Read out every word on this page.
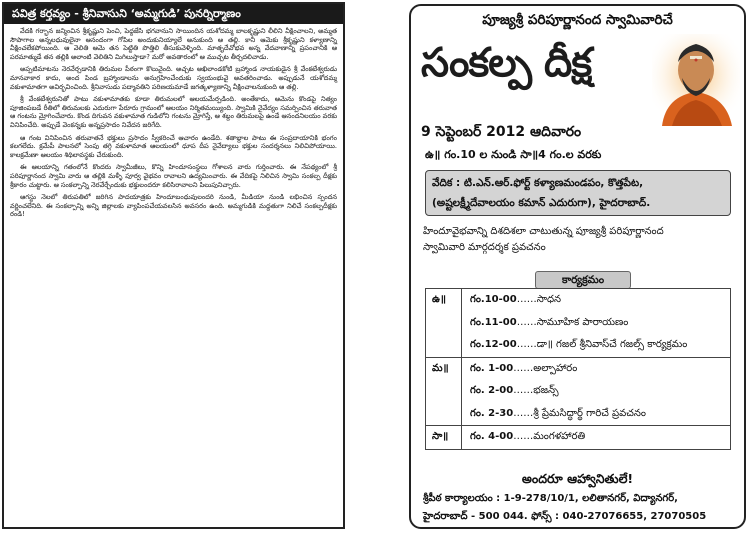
పవిత్ర కర్తవ్యం - శ్రీనివాసుని ‘అమ్మగుడి’ పునర్నిర్మాణం

వేదకి గర్భాన జన్మించిన శ్రీకృష్ణుని పెంచి, పెద్దజేసి భగవానుని సాయిందిన యశోదమ్మ బాలకృష్ణుని లీలిని వీక్షించాలని, అమ్మత సౌపాగాల అన్నలధువులైనా ఆనందంగా గోపిల అందుకునియ్యాలే అనుకుంది ఆ తల్లి. కానీ ఆమెకు శ్రీకృష్ణుని కళ్యాణాన్ని వీక్షించలేకపోయింది. ఆ వెలితి ఆమె తన పెట్టితి పొత్తిలి తీసుకువెళ్ళింది. మాతృదేవోభవ అన్న వేదవాణాన్ని ప్రపంచానికి ఆ పరమాత్ముడే తన తల్లికి అలాంటి వెలితిని మిగిలుస్తాడా? మరో అవతారంలో ఆ ముచ్చట తీర్చదలిచాడు.

అప్పటిమాటను నెరవేర్చడానికి తిరుమల పీఠంగా కొలువైంది. అచ్చట అఖిలాండకోటి బ్రహ్మాండ నాయకుడైన శ్రీ వేంకటేశ్వరుడు మానవాకార కాదు, అంద పిండ బ్రహ్మాండాలను అనుగ్రహించేందుకు స్వయంభువై అవతరించాడు. అప్పుడునే యశోదమ్మ వకుళామాతగా అవిర్భవించింది. శ్రీనివాసుడు పద్మావతిని పరిణయమాడే జగత్కళ్యాణాన్ని వీక్షించాలనుకుంది ఆ తల్లి.

శ్రీ వేంకటేశ్వరునితో పాటు వకుళామాతకు కూడా తిరుమలలో ఆలయమేర్పడింది. అంతేకాదు, ఆమెను కొండపై నిత్యం పూజింపబడే రీతిలో తిరుమలకు ఎదురుగా పేరూరు గ్రామంలో ఆలయం నిర్మితమయ్యింది. స్వామికి నైవేద్యం సమర్పించిన తరువాత ఆ గంటను మ్రోగించేవారు. కొండ దిగువన వకుళామాత గుడిలోని గంటను మ్రోగిస్తే, ఆ శబ్దం తిరుమలపై ఉండే ఆనందనిలయం వరకు వినిపించేది. అప్పుడే వెంకన్నకు అన్నప్రసాదం నివేదన జరిగేది.

ఆ గంట వినిపించిన తరువాతనే భక్తులు ప్రసాదం స్వీకరించే ఆచారం ఉండేది. శతాబ్దాల పాటు ఈ సంప్రదాయానికి భంగం కలగలేదు. క్రమేపీ పాలనలో సెంపు తగ్గి వకుళామాత ఆలయంలో ధూప దీప నైవేద్యాలు భక్తుల సందర్శనలు నిలిచిపోయాయి. కాలక్రమేణా ఆలయం శిథిలావస్థకు చేరుకుంది.

ఈ ఆలయాన్ని గతంలోనే కొందరు స్వామీజీలు, కొన్ని హిందూసంస్థలు గోశాలన వారు గుర్తించారు. ఈ నేపథ్యంలో శ్రీ పరిపూర్ణానంద స్వామి వారు ఆ తల్లికి మళ్ళీ పూర్వ వైభవం రావాలని ఉద్యమించారు. ఈ వేదికపై నిలిచిన స్వామి సంకల్ప దీక్షకు శ్రీకారం చుట్టారు. ఆ సంకల్పాన్ని నెరవేర్చేందుకు భక్తులందరూ కలిసిరావాలని పిలుపునిచ్చారు.

ఆగస్టు నెలలో తిరుపతిలో జరిగిన పాదయాత్రకు హిందూబంధువులందరి నుండి, మీడియా నుండి లభించిన స్పందన వర్ణించలేనిది. ఈ సంకల్పాన్ని అన్ని జిల్లాలకు వ్యాపింపచేయవలసిన అవసరం ఉంది. అమ్మగుడికి మద్దతుగా నిలిచే సంకల్పదీక్షకు రండి!

పూజ్యశ్రీ పరిపూర్ణానంద స్వామివారిచే
సంకల్ప దీక్ష
9 సెప్టెంబర్ 2012 ఆదివారం
ఉ॥ గం.10 ల నుండి సా॥4 గం.ల వరకు
వేదిక : టి.ఎన్.ఆర్.ఫోర్ట్ కళ్యాణమండపం, కొత్తపేట,
(అష్టలక్ష్మీదేవాలయం కమాన్ ఎదురుగా), హైదరాబాద్.
హిందూవైభవాన్ని దిశదిశలా చాటుతున్న పూజ్యశ్రీ పరిపూర్ణానంద
స్వామివారి మార్గదర్శక ప్రవచనం
కార్యక్రమం
ఉ॥	గం.10-00 …… సాధన
గం.11-00 …… సామూహిక పారాయణం
గం.12-00 …… డా॥ గజల్ శ్రీనివాస్‌చే గజల్స్ కార్యక్రమం
మ॥	గం. 1-00 …… అల్పాహారం
గం. 2-00 …… భజన్స్
గం. 2-30 …… శ్రీ ప్రేమసిద్ధార్థ్ గారిచే ప్రవచనం
సా॥	గం. 4-00 …… మంగళహారతి
అందరూ ఆహ్వానితులే!
శ్రీపీఠ కార్యాలయం : 1-9-278/10/1, లలితానగర్, విద్యానగర్,
హైదరాబాద్ - 500 044. ఫోన్స్ : 040-27076655, 27070505
